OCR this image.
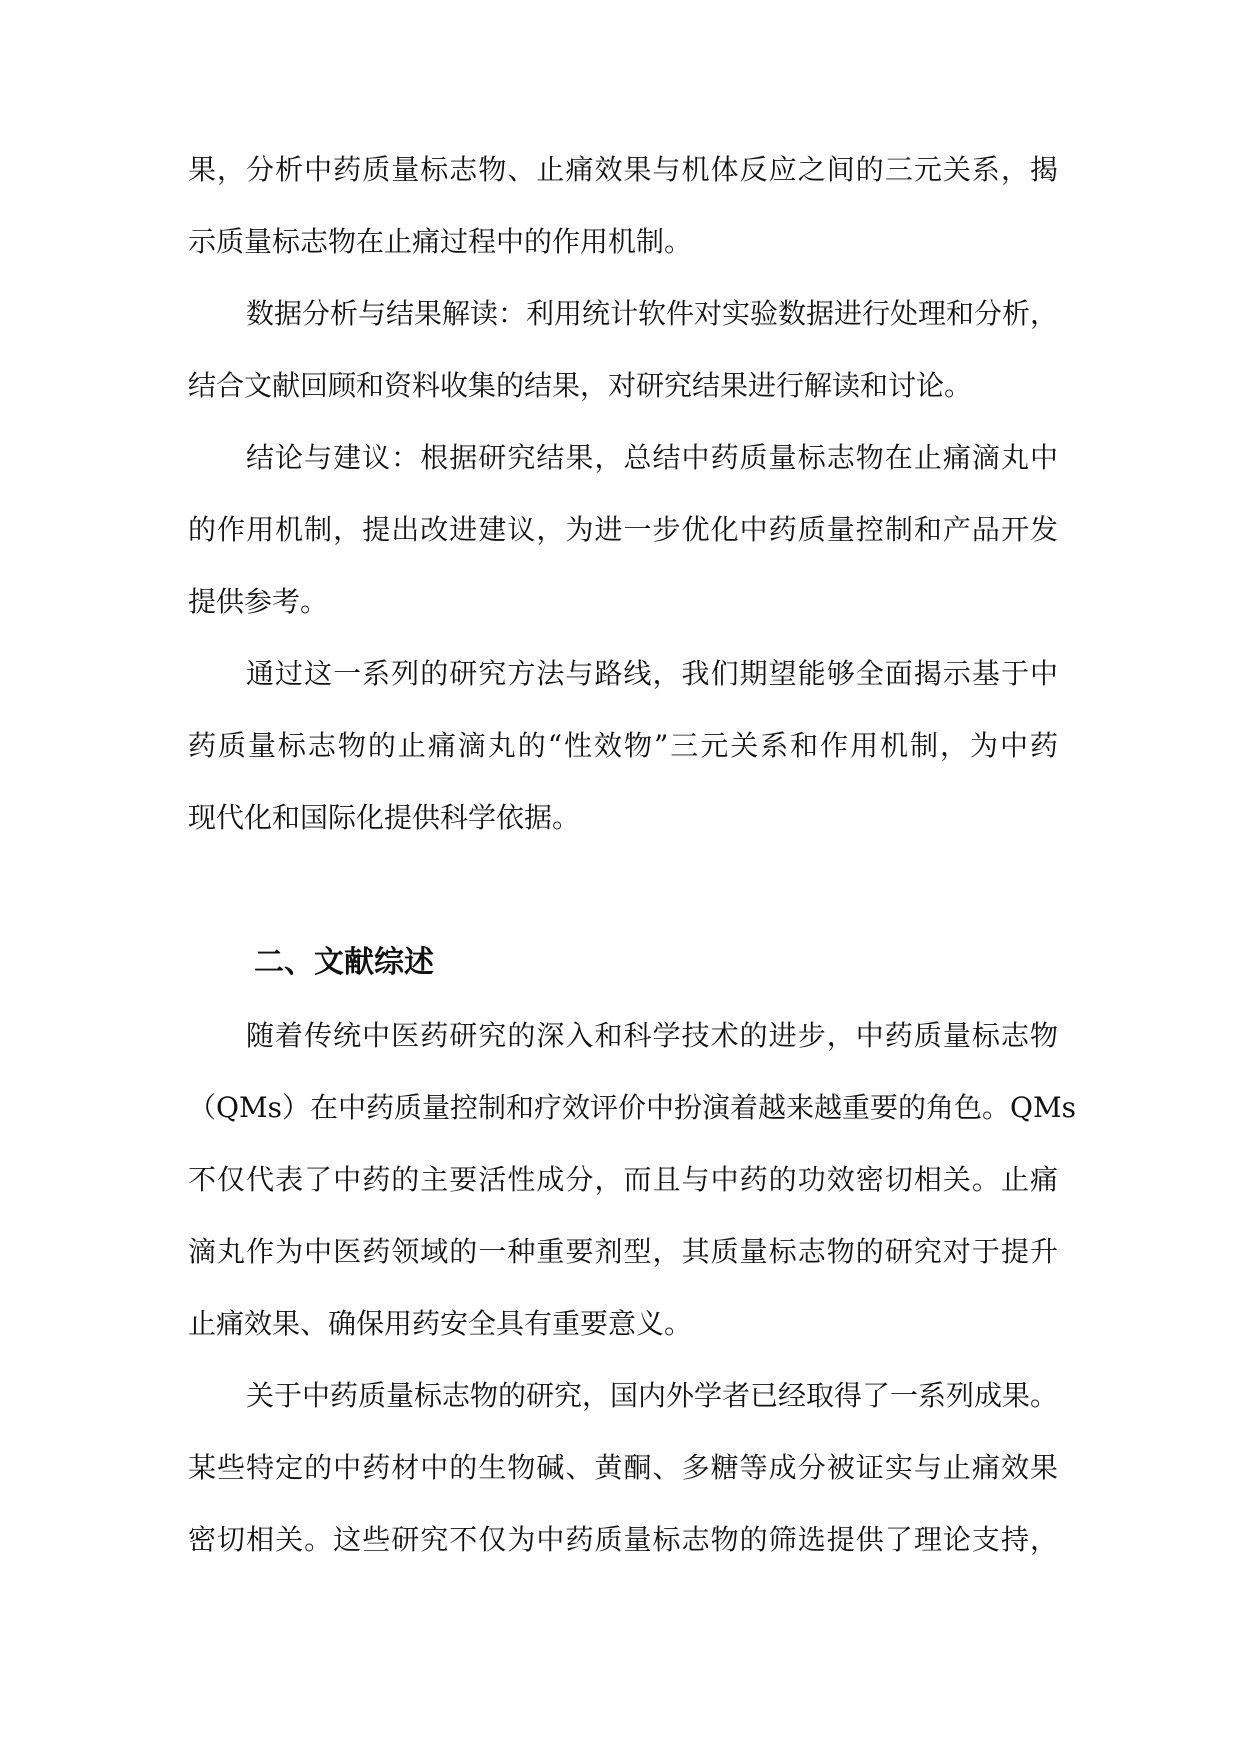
果，分析中药质量标志物、止痛效果与机体反应之间的三元关系，揭
示质量标志物在止痛过程中的作用机制。
数据分析与结果解读：利用统计软件对实验数据进行处理和分析，
结合文献回顾和资料收集的结果，对研究结果进行解读和讨论。
结论与建议：根据研究结果，总结中药质量标志物在止痛滴丸中
的作用机制，提出改进建议，为进一步优化中药质量控制和产品开发
提供参考。
通过这一系列的研究方法与路线，我们期望能够全面揭示基于中
药质量标志物的止痛滴丸的“性效物”三元关系和作用机制，为中药
现代化和国际化提供科学依据。
二、文献综述
随着传统中医药研究的深入和科学技术的进步，中药质量标志物
（QMs）在中药质量控制和疗效评价中扮演着越来越重要的角色。QMs
不仅代表了中药的主要活性成分，而且与中药的功效密切相关。止痛
滴丸作为中医药领域的一种重要剂型，其质量标志物的研究对于提升
止痛效果、确保用药安全具有重要意义。
关于中药质量标志物的研究，国内外学者已经取得了一系列成果。
某些特定的中药材中的生物碱、黄酮、多糖等成分被证实与止痛效果
密切相关。这些研究不仅为中药质量标志物的筛选提供了理论支持，
